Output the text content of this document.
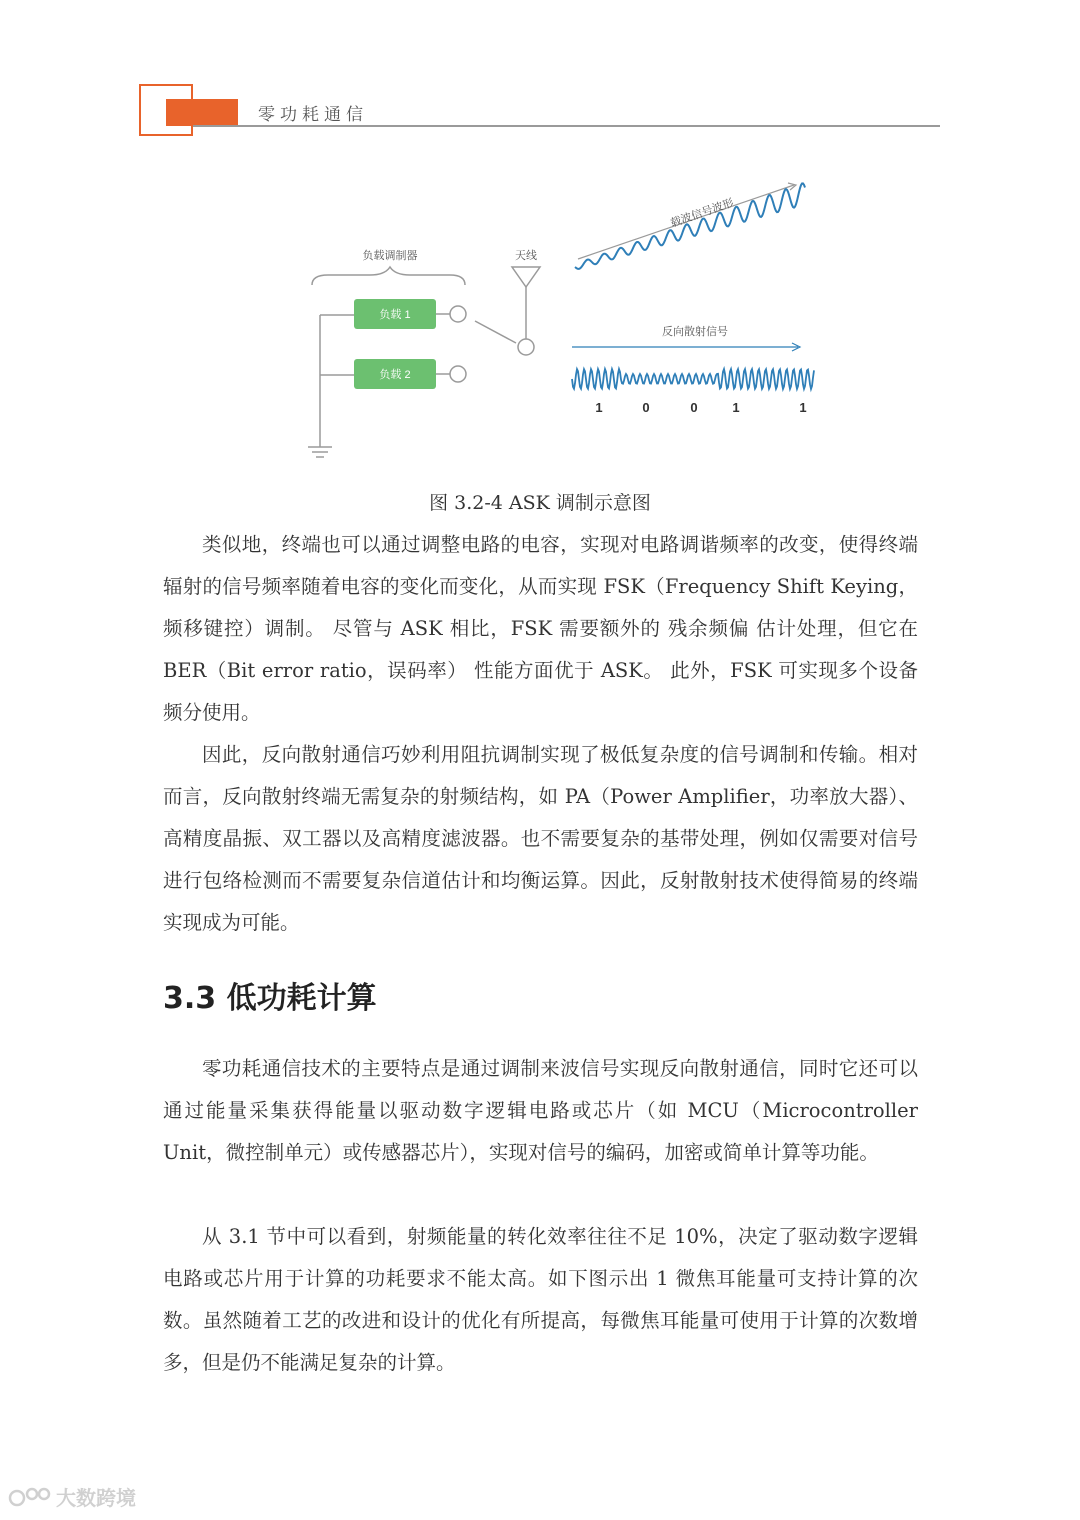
零功耗通信
负载调制器
负载 1
负载 2
天线
载波信号波形
反向散射信号
1	0	0	1	1
图 3.2-4 ASK 调制示意图

类似地，终端也可以通过调整电路的电容，实现对电路调谐频率的改变，使得终端辐射的信号频率随着电容的变化而变化，从而实现 FSK（Frequency Shift Keying，频移键控）调制。 尽管与 ASK 相比，FSK 需要额外的 残余频偏 估计处理，但它在 BER（Bit error ratio，误码率） 性能方面优于 ASK。 此外，FSK 可实现多个设备频分使用。

因此，反向散射通信巧妙利用阻抗调制实现了极低复杂度的信号调制和传输。相对而言，反向散射终端无需复杂的射频结构，如 PA（Power Amplifier，功率放大器）、高精度晶振、双工器以及高精度滤波器。也不需要复杂的基带处理，例如仅需要对信号进行包络检测而不需要复杂信道估计和均衡运算。因此，反射散射技术使得简易的终端实现成为可能。

3.3 低功耗计算

零功耗通信技术的主要特点是通过调制来波信号实现反向散射通信，同时它还可以通过能量采集获得能量以驱动数字逻辑电路或芯片（如 MCU（Microcontroller Unit，微控制单元）或传感器芯片），实现对信号的编码，加密或简单计算等功能。

从 3.1 节中可以看到，射频能量的转化效率往往不足 10%，决定了驱动数字逻辑电路或芯片用于计算的功耗要求不能太高。如下图示出 1 微焦耳能量可支持计算的次数。虽然随着工艺的改进和设计的优化有所提高，每微焦耳能量可使用于计算的次数增多，但是仍不能满足复杂的计算。

大数跨境
